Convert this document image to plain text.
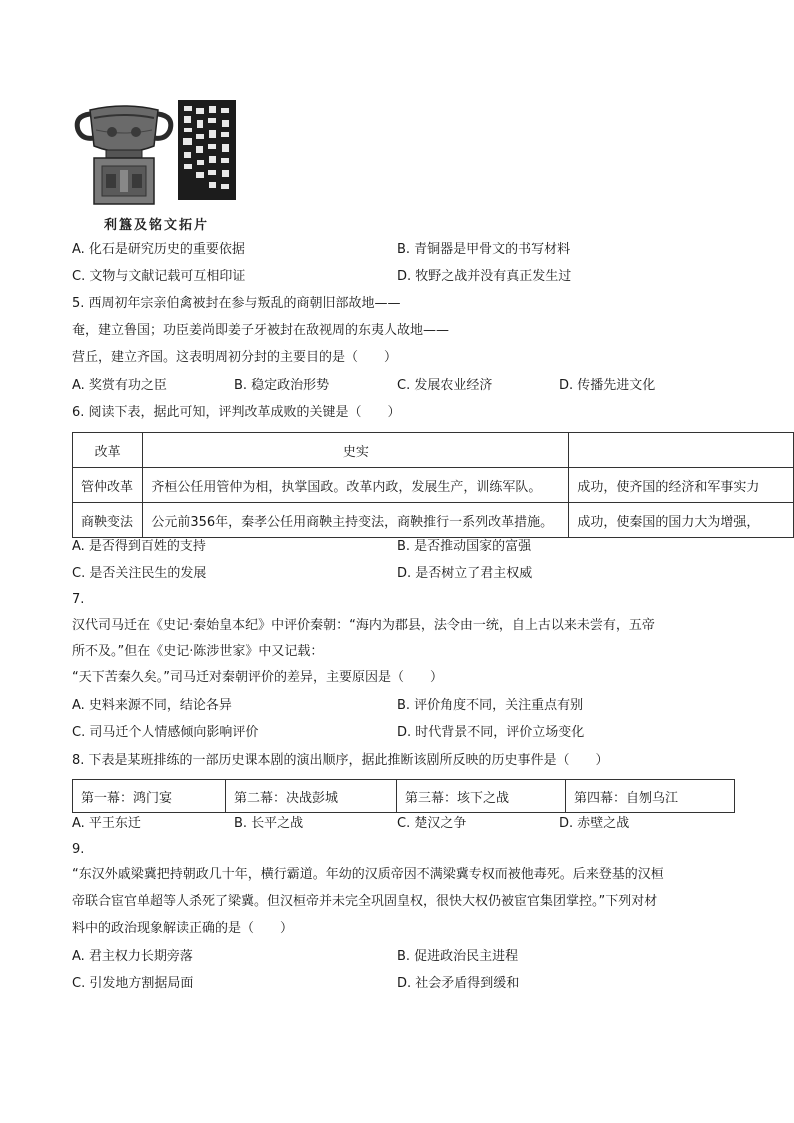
利簋及铭文拓片
A. 化石是研究历史的重要依据	B. 青铜器是甲骨文的书写材料
C. 文物与文献记载可互相印证	D. 牧野之战并没有真正发生过
5. 西周初年宗亲伯禽被封在参与叛乱的商朝旧部故地——
奄，建立鲁国；功臣姜尚即姜子牙被封在敌视周的东夷人故地——
营丘，建立齐国。这表明周初分封的主要目的是（　　）
A. 奖赏有功之臣	B. 稳定政治形势	C. 发展农业经济	D. 传播先进文化
6. 阅读下表，据此可知，评判改革成败的关键是（　　）
改革	史实	
管仲改革	齐桓公任用管仲为相，执掌国政。改革内政，发展生产，训练军队。	成功，使齐国的经济和军事实力
商鞅变法	公元前356年，秦孝公任用商鞅主持变法，商鞅推行一系列改革措施。	成功，使秦国的国力大为增强，
A. 是否得到百姓的支持	B. 是否推动国家的富强
C. 是否关注民生的发展	D. 是否树立了君主权威
7.
汉代司马迁在《史记·秦始皇本纪》中评价秦朝：“海内为郡县，法令由一统，自上古以来未尝有，五帝
所不及。”但在《史记·陈涉世家》中又记载：
“天下苦秦久矣。”司马迁对秦朝评价的差异，主要原因是（　　）
A. 史料来源不同，结论各异	B. 评价角度不同，关注重点有别
C. 司马迁个人情感倾向影响评价	D. 时代背景不同，评价立场变化
8. 下表是某班排练的一部历史课本剧的演出顺序，据此推断该剧所反映的历史事件是（　　）
第一幕：鸿门宴	第二幕：决战彭城	第三幕：垓下之战	第四幕：自刎乌江
A. 平王东迁	B. 长平之战	C. 楚汉之争	D. 赤壁之战
9.
“东汉外戚梁冀把持朝政几十年，横行霸道。年幼的汉质帝因不满梁冀专权而被他毒死。后来登基的汉桓
帝联合宦官单超等人杀死了梁冀。但汉桓帝并未完全巩固皇权，很快大权仍被宦官集团掌控。”下列对材
料中的政治现象解读正确的是（　　）
A. 君主权力长期旁落	B. 促进政治民主进程
C. 引发地方割据局面	D. 社会矛盾得到缓和
